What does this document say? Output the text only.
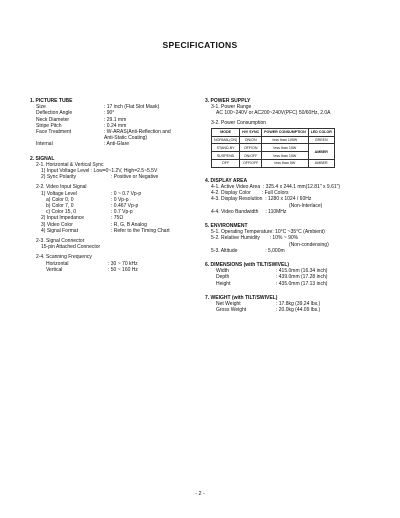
SPECIFICATIONS
1. PICTURE TUBE
Size	: 17 inch (Flat Slot Mask)
Deflection Angle	: 90°
Neck Diameter	: 29.1 mm
Stripe Pitch	: 0.24 mm
Face Treatment	: W-ARAS(Anti-Reflection and
Anti-Static Coating)
Internal	: Anti-Glare
2. SIGNAL
2-1. Horizontal & Vertical Sync
1) Input Voltage Level : Low=0~1.2V, High=2.5~5.5V
2) Sync Polarity	: Positive or Negative
2-2. Video Input Signal
1) Voltage Level	: 0 ~ 0.7 Vp-p
a) Color 0, 0	: 0 Vp-p
b) Color 7, 0	: 0.467 Vp-p
c) Color 15, 0	: 0.7 Vp-p
2) Input Impedance	: 75Ω
3) Video Color	: R, G, B Analog
4) Signal Format	: Refer to the Timing Chart
2-3. Signal Connector
15-pin Attached Connector
2-4. Scanning Frequency
Horizontal	: 30 ~ 70 kHz
Vertical	: 50 ~ 160 Hz
3. POWER SUPPLY
3-1. Power Range
AC 100~240V or AC200~240V(PFC) 50/60Hz, 2.0A
3-2. Power Consumption
MODE	H/V SYNC	POWER CONSUMPTION	LED COLOR
NORMAL(ON)	ON/ON	less than 105W	GREEN
STAND-BY	OFF/ON	less than 15W	AMBER
SUSPEND	ON/OFF	less than 15W	
OFF	OFF/OFF	less than 5W	AMBER
4. DISPLAY AREA
4-1. Active Video Area  : 325.4 x 244.1 mm(12.81" x 9.61")
4-2. Display Color        : Full Colors
4-3. Display Resolution  : 1280 x 1024 / 60Hz
(Non-Interlace)
4-4. Video Bandwidth     : 110MHz
5. ENVIRONMENT
5-1. Operating Temperature: 10°C ~35°C (Ambient)
5-2. Relative Humidity       : 10% ~ 90%
(Non-condensing)
5-3. Altitude                    : 5,000m
6. DIMENSIONS (with TILT/SWIVEL)
Width	: 415.0mm (16.34 inch)
Depth	: 439.0mm (17.28 inch)
Height	: 435.0mm (17.13 inch)
7. WEIGHT (with TILT/SWIVEL)
Net Weight	: 17.8kg (39.24 lbs.)
Gross Weight	: 20.0kg (44.09 lbs.)
- 2 -
